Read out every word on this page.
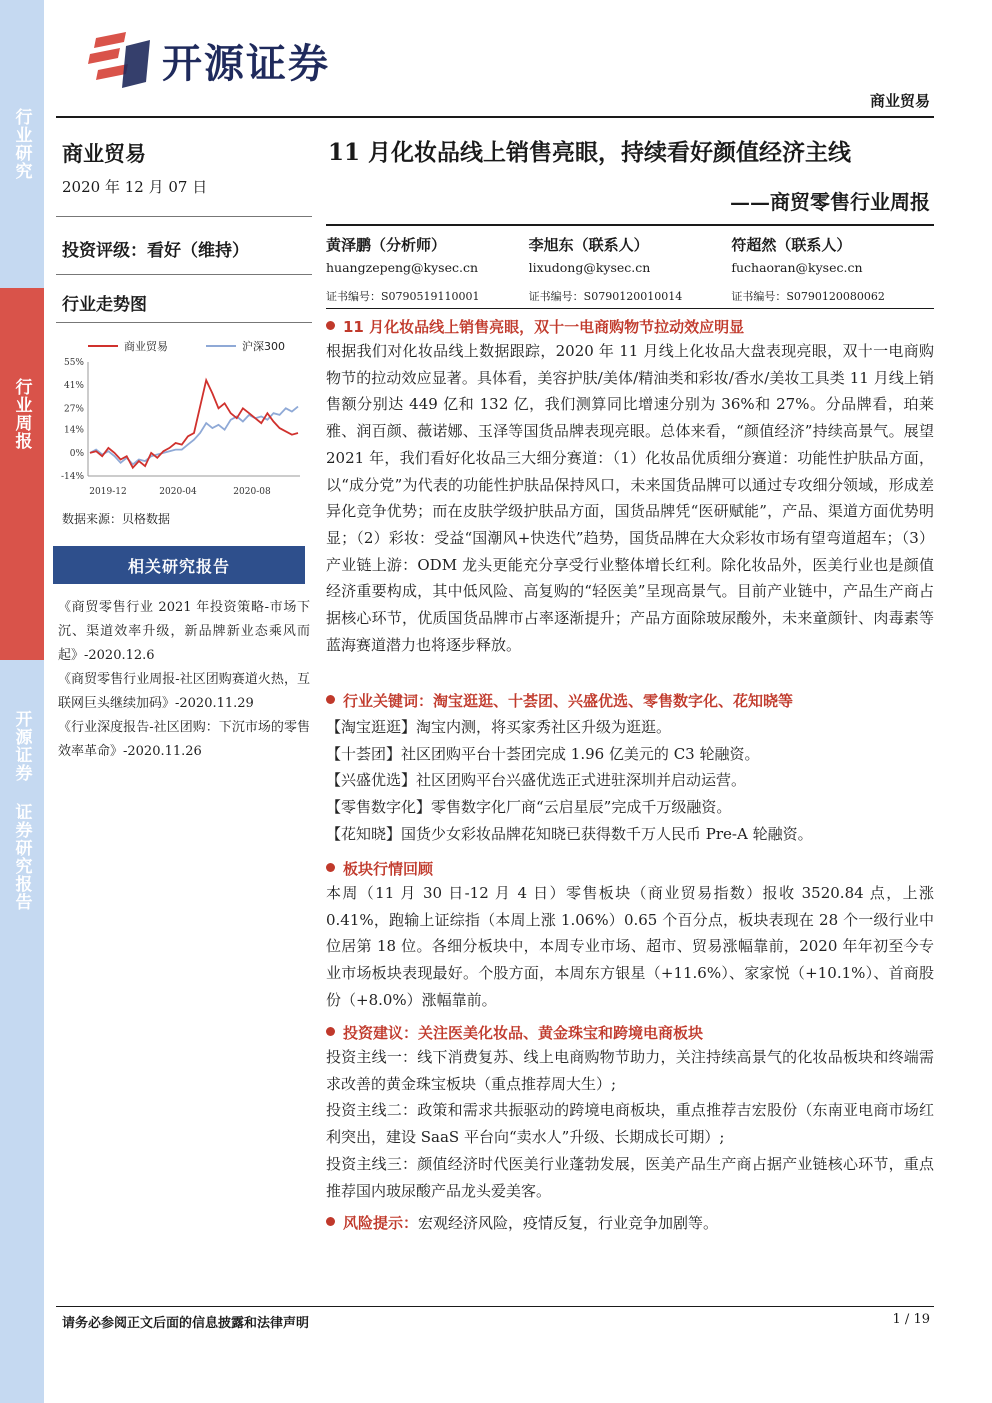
行业研究
行业周报
开源证券 证券研究报告
开源证券
商业贸易
商业贸易
2020 年 12 月 07 日
投资评级：看好（维持）
行业走势图
55%
41%
27%
14%
0%
-14%
2019-12	2020-04	2020-08
商业贸易	沪深300
数据来源：贝格数据
相关研究报告
《商贸零售行业 2021 年投资策略-市场下沉、渠道效率升级，新品牌新业态乘风而起》-2020.12.6
《商贸零售行业周报-社区团购赛道火热，互联网巨头继续加码》-2020.11.29
《行业深度报告-社区团购：下沉市场的零售效率革命》-2020.11.26
11 月化妆品线上销售亮眼，持续看好颜值经济主线
——商贸零售行业周报
黄泽鹏（分析师）
huangzepeng@kysec.cn
证书编号：S0790519110001
李旭东（联系人）
lixudong@kysec.cn
证书编号：S0790120010014
符超然（联系人）
fuchaoran@kysec.cn
证书编号：S0790120080062
11 月化妆品线上销售亮眼，双十一电商购物节拉动效应明显

根据我们对化妆品线上数据跟踪，2020 年 11 月线上化妆品大盘表现亮眼，双十一电商购物节的拉动效应显著。具体看，美容护肤/美体/精油类和彩妆/香水/美妆工具类 11 月线上销售额分别达 449 亿和 132 亿，我们测算同比增速分别为 36%和 27%。分品牌看，珀莱雅、润百颜、薇诺娜、玉泽等国货品牌表现亮眼。总体来看，“颜值经济”持续高景气。展望 2021 年，我们看好化妆品三大细分赛道：（1）化妆品优质细分赛道：功能性护肤品方面，以“成分党”为代表的功能性护肤品保持风口，未来国货品牌可以通过专攻细分领域，形成差异化竞争优势；而在皮肤学级护肤品方面，国货品牌凭“医研赋能”，产品、渠道方面优势明显；（2）彩妆：受益“国潮风+快迭代”趋势，国货品牌在大众彩妆市场有望弯道超车；（3）产业链上游：ODM 龙头更能充分享受行业整体增长红利。除化妆品外，医美行业也是颜值经济重要构成，其中低风险、高复购的“轻医美”呈现高景气。目前产业链中，产品生产商占据核心环节，优质国货品牌市占率逐渐提升；产品方面除玻尿酸外，未来童颜针、肉毒素等蓝海赛道潜力也将逐步释放。

行业关键词：淘宝逛逛、十荟团、兴盛优选、零售数字化、花知晓等

【淘宝逛逛】淘宝内测，将买家秀社区升级为逛逛。

【十荟团】社区团购平台十荟团完成 1.96 亿美元的 C3 轮融资。

【兴盛优选】社区团购平台兴盛优选正式进驻深圳并启动运营。

【零售数字化】零售数字化厂商“云启星辰”完成千万级融资。

【花知晓】国货少女彩妆品牌花知晓已获得数千万人民币 Pre-A 轮融资。

板块行情回顾

本周（11 月 30 日-12 月 4 日）零售板块（商业贸易指数）报收 3520.84 点，上涨 0.41%，跑输上证综指（本周上涨 1.06%）0.65 个百分点，板块表现在 28 个一级行业中位居第 18 位。各细分板块中，本周专业市场、超市、贸易涨幅靠前，2020 年年初至今专业市场板块表现最好。个股方面，本周东方银星（+11.6%）、家家悦（+10.1%）、首商股份（+8.0%）涨幅靠前。

投资建议：关注医美化妆品、黄金珠宝和跨境电商板块

投资主线一：线下消费复苏、线上电商购物节助力，关注持续高景气的化妆品板块和终端需求改善的黄金珠宝板块（重点推荐周大生）;

投资主线二：政策和需求共振驱动的跨境电商板块，重点推荐吉宏股份（东南亚电商市场红利突出，建设 SaaS 平台向“卖水人”升级、长期成长可期）;

投资主线三：颜值经济时代医美行业蓬勃发展，医美产品生产商占据产业链核心环节，重点推荐国内玻尿酸产品龙头爱美客。

风险提示：宏观经济风险，疫情反复，行业竞争加剧等。
请务必参阅正文后面的信息披露和法律声明	1 / 19
